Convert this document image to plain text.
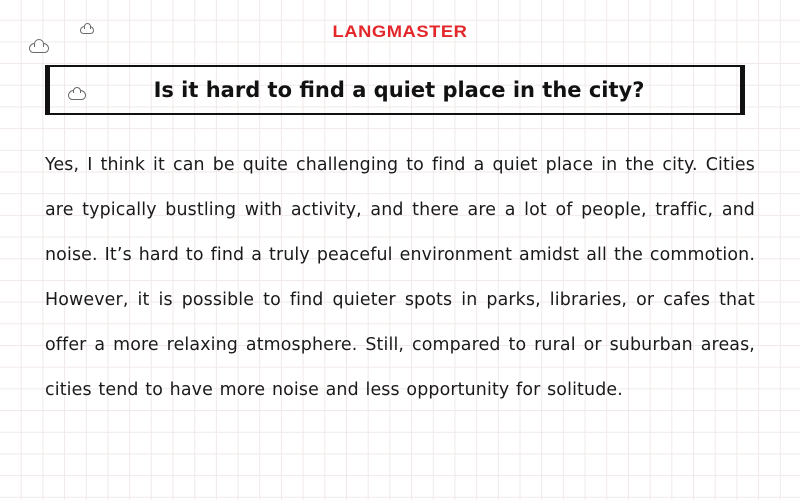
LANGMASTER
Is it hard to find a quiet place in the city?

Yes, I think it can be quite challenging to find a quiet place in the city. Cities are typically bustling with activity, and there are a lot of people, traffic, and noise. It’s hard to find a truly peaceful environment amidst all the commotion. However, it is possible to find quieter spots in parks, libraries, or cafes that offer a more relaxing atmosphere. Still, compared to rural or suburban areas, cities tend to have more noise and less opportunity for solitude.
